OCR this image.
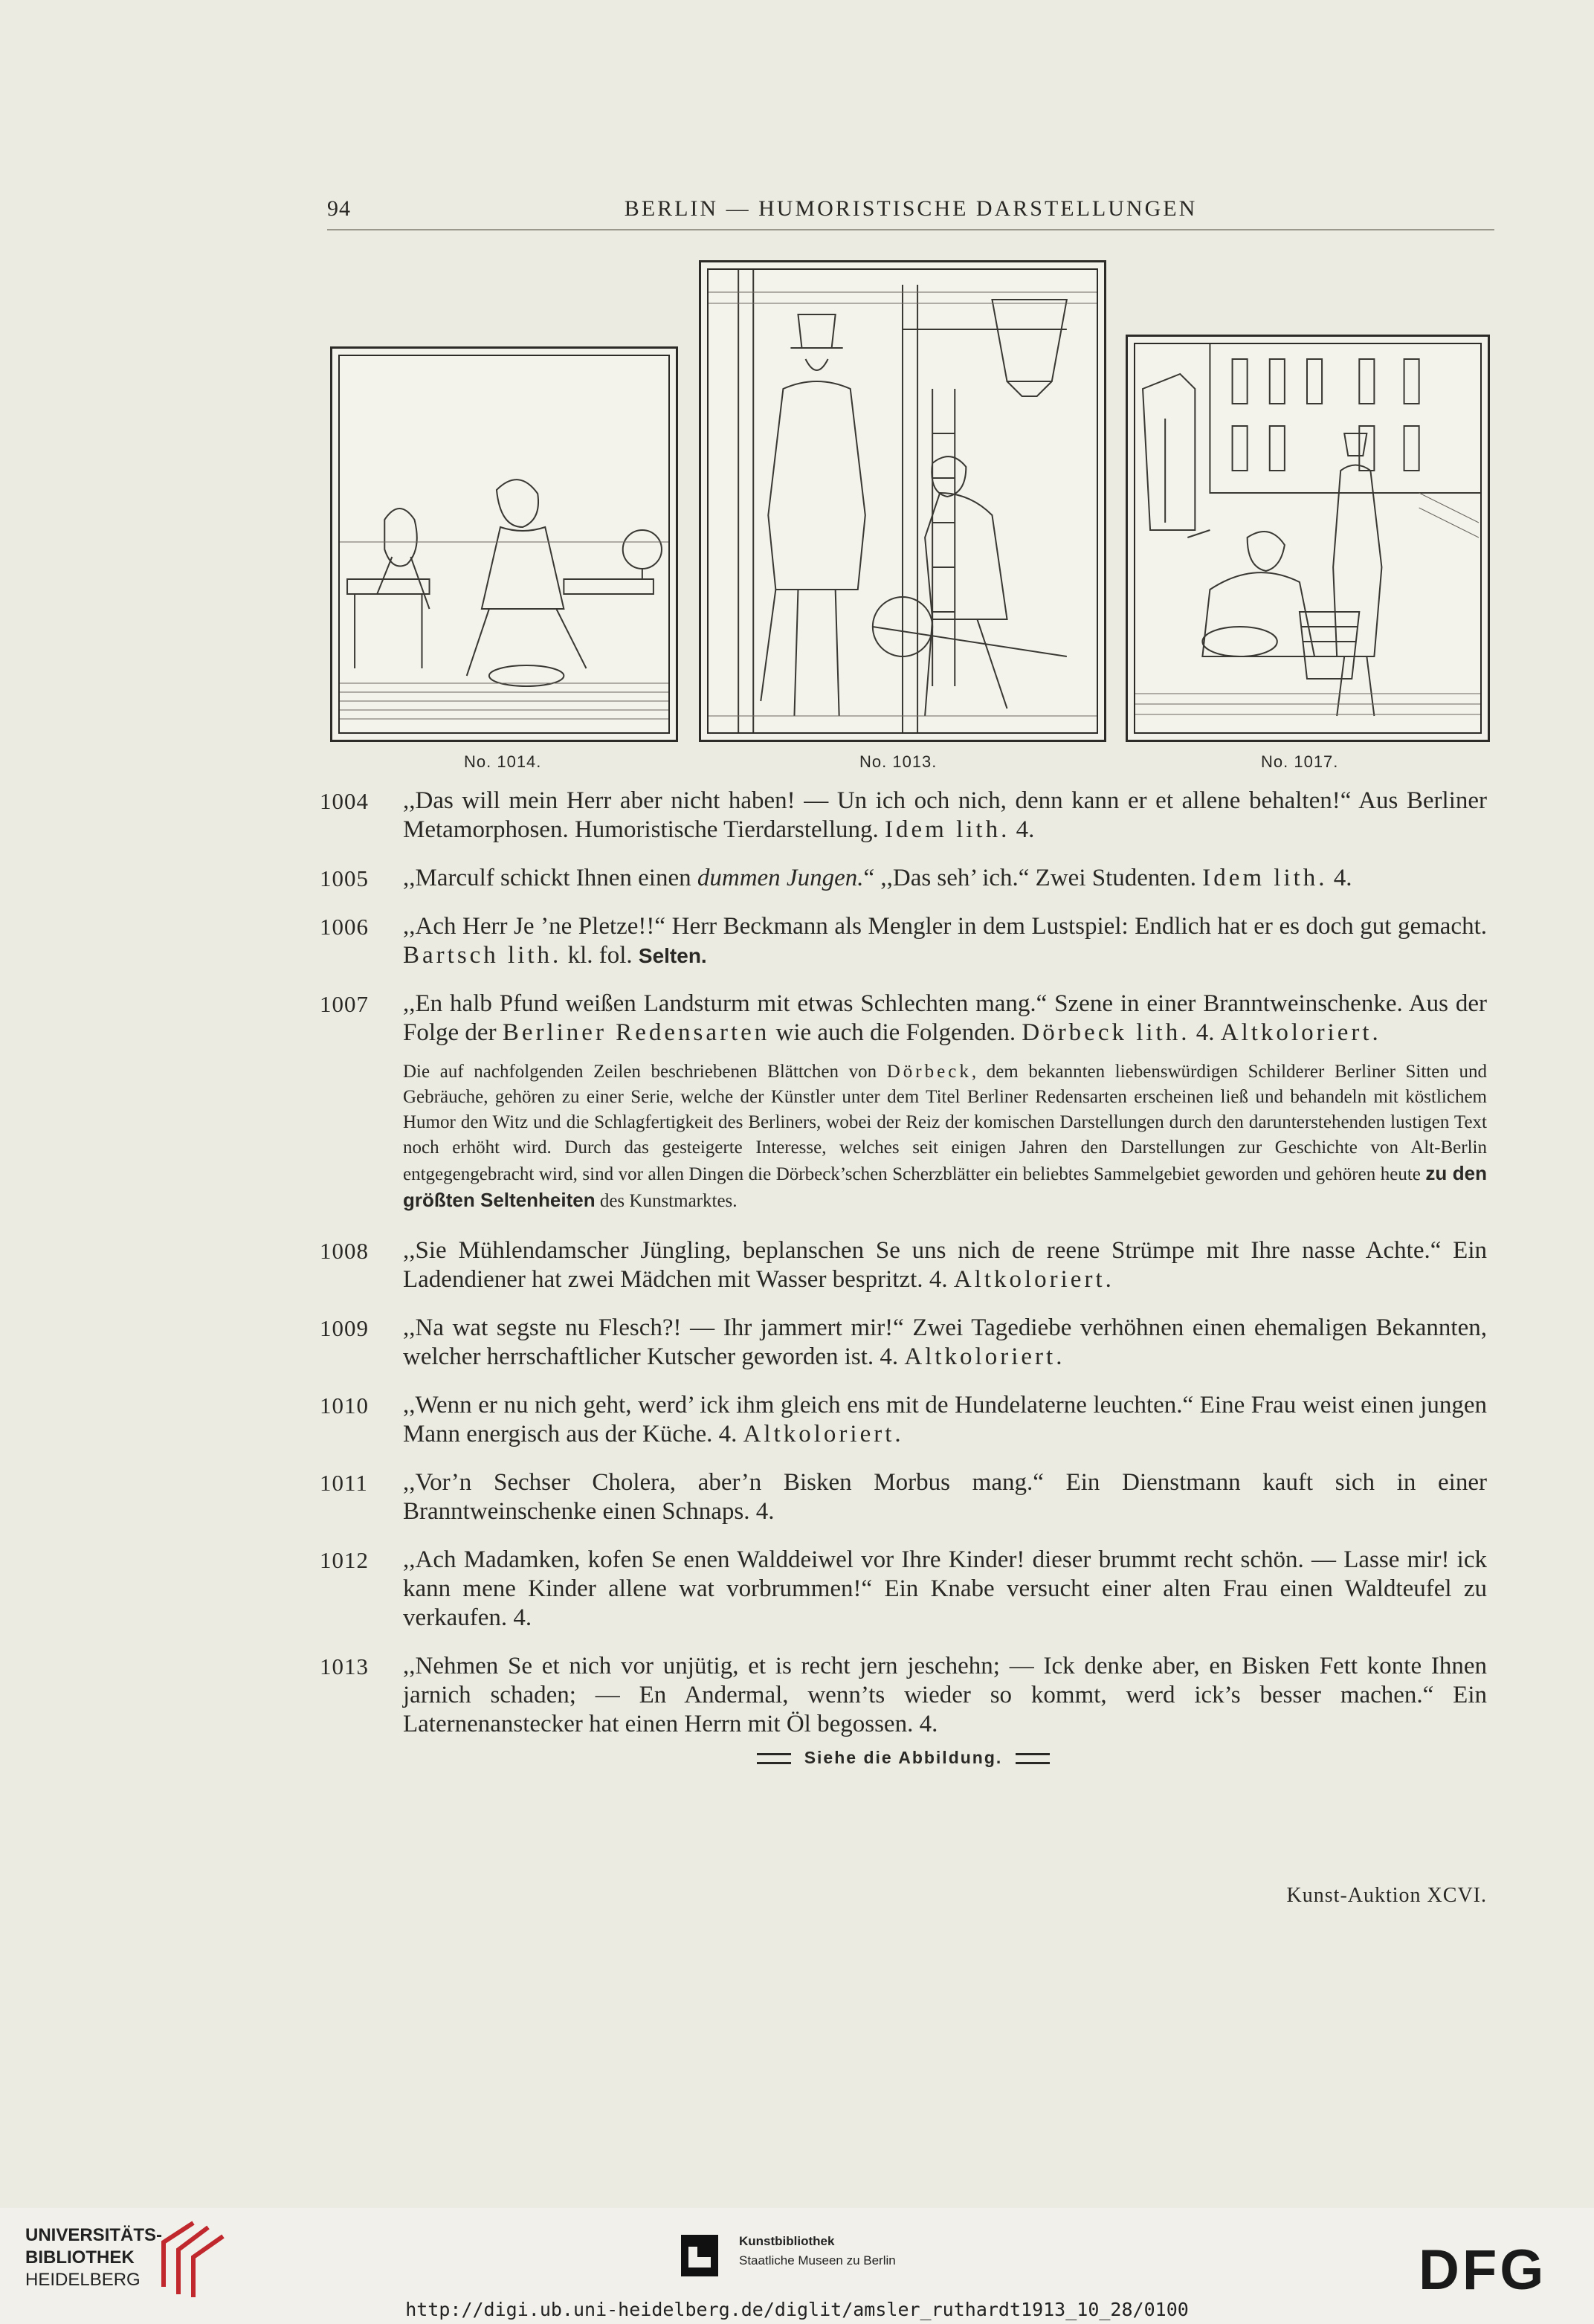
94	BERLIN — HUMORISTISCHE DARSTELLUNGEN
No. 1014.	No. 1013.	No. 1017.
1004 ,,Das will mein Herr aber nicht haben! — Un ich och nich, denn kann er et allene behalten!“ Aus Berliner Metamorphosen. Humoristische Tierdarstellung. Idem lith. 4.
1005 ,,Marculf schickt Ihnen einen dummen Jungen.“ ,,Das seh’ ich.“ Zwei Studenten. Idem lith. 4.
1006 ,,Ach Herr Je ’ne Pletze!!“ Herr Beckmann als Mengler in dem Lustspiel: Endlich hat er es doch gut gemacht. Bartsch lith. kl. fol. Selten.
1007 ,,En halb Pfund weißen Landsturm mit etwas Schlechten mang.“ Szene in einer Branntweinschenke. Aus der Folge der Berliner Redensarten wie auch die Folgenden. Dörbeck lith. 4. Altkoloriert.
Die auf nachfolgenden Zeilen beschriebenen Blättchen von Dörbeck, dem bekannten liebenswürdigen Schilderer Berliner Sitten und Gebräuche, gehören zu einer Serie, welche der Künstler unter dem Titel Berliner Redensarten erscheinen ließ und behandeln mit köstlichem Humor den Witz und die Schlagfertigkeit des Berliners, wobei der Reiz der komischen Darstellungen durch den darunterstehenden lustigen Text noch erhöht wird. Durch das gesteigerte Interesse, welches seit einigen Jahren den Darstellungen zur Geschichte von Alt-Berlin entgegengebracht wird, sind vor allen Dingen die Dörbeck’schen Scherzblätter ein beliebtes Sammelgebiet geworden und gehören heute zu den größten Seltenheiten des Kunstmarktes.
1008 ,,Sie Mühlendamscher Jüngling, beplanschen Se uns nich de reene Strümpe mit Ihre nasse Achte.“ Ein Ladendiener hat zwei Mädchen mit Wasser bespritzt. 4. Altkoloriert.
1009 ,,Na wat segste nu Flesch?! — Ihr jammert mir!“ Zwei Tagediebe verhöhnen einen ehemaligen Bekannten, welcher herrschaftlicher Kutscher geworden ist. 4. Altkoloriert.
1010 ,,Wenn er nu nich geht, werd’ ick ihm gleich ens mit de Hundelaterne leuchten.“ Eine Frau weist einen jungen Mann energisch aus der Küche. 4. Altkoloriert.
1011 ,,Vor’n Sechser Cholera, aber’n Bisken Morbus mang.“ Ein Dienstmann kauft sich in einer Branntweinschenke einen Schnaps. 4.
1012 ,,Ach Madamken, kofen Se enen Walddeiwel vor Ihre Kinder! dieser brummt recht schön. — Lasse mir! ick kann mene Kinder allene wat vorbrummen!“ Ein Knabe versucht einer alten Frau einen Waldteufel zu verkaufen. 4.
1013 ,,Nehmen Se et nich vor unjütig, et is recht jern jeschehn; — Ick denke aber, en Bisken Fett konte Ihnen jarnich schaden; — En Andermal, wenn’ts wieder so kommt, werd ick’s besser machen.“ Ein Laternenanstecker hat einen Herrn mit Öl begossen. 4.
Siehe die Abbildung.
Kunst-Auktion XCVI.
UNIVERSITÄTS-
BIBLIOTHEK
HEIDELBERG
Kunstbibliothek
Staatliche Museen zu Berlin	DFG
http://digi.ub.uni-heidelberg.de/diglit/amsler_ruthardt1913_10_28/0100
